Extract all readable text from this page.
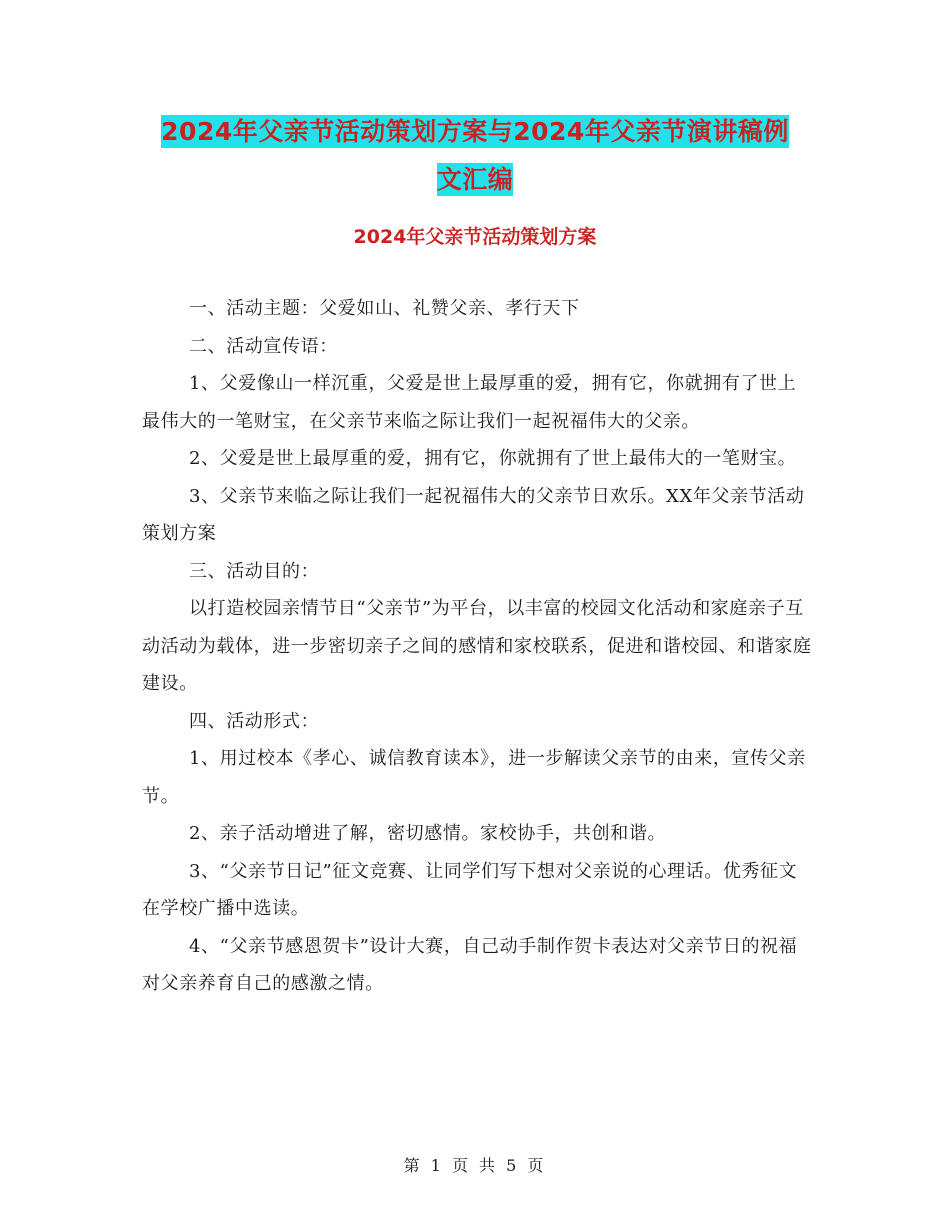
2024年父亲节活动策划方案与2024年父亲节演讲稿例
文汇编
2024年父亲节活动策划方案

一、活动主题：父爱如山、礼赞父亲、孝行天下

二、活动宣传语：

1、父爱像山一样沉重，父爱是世上最厚重的爱，拥有它，你就拥有了世上最伟大的一笔财宝，在父亲节来临之际让我们一起祝福伟大的父亲。

2、父爱是世上最厚重的爱，拥有它，你就拥有了世上最伟大的一笔财宝。

3、父亲节来临之际让我们一起祝福伟大的父亲节日欢乐。XX年父亲节活动策划方案

三、活动目的：

以打造校园亲情节日“父亲节”为平台，以丰富的校园文化活动和家庭亲子互动活动为载体，进一步密切亲子之间的感情和家校联系，促进和谐校园、和谐家庭建设。

四、活动形式：

1、用过校本《孝心、诚信教育读本》，进一步解读父亲节的由来，宣传父亲节。

2、亲子活动增进了解，密切感情。家校协手，共创和谐。

3、“父亲节日记”征文竞赛、让同学们写下想对父亲说的心理话。优秀征文在学校广播中选读。

4、“父亲节感恩贺卡”设计大赛，自己动手制作贺卡表达对父亲节日的祝福对父亲养育自己的感激之情。

第 1 页 共 5 页
